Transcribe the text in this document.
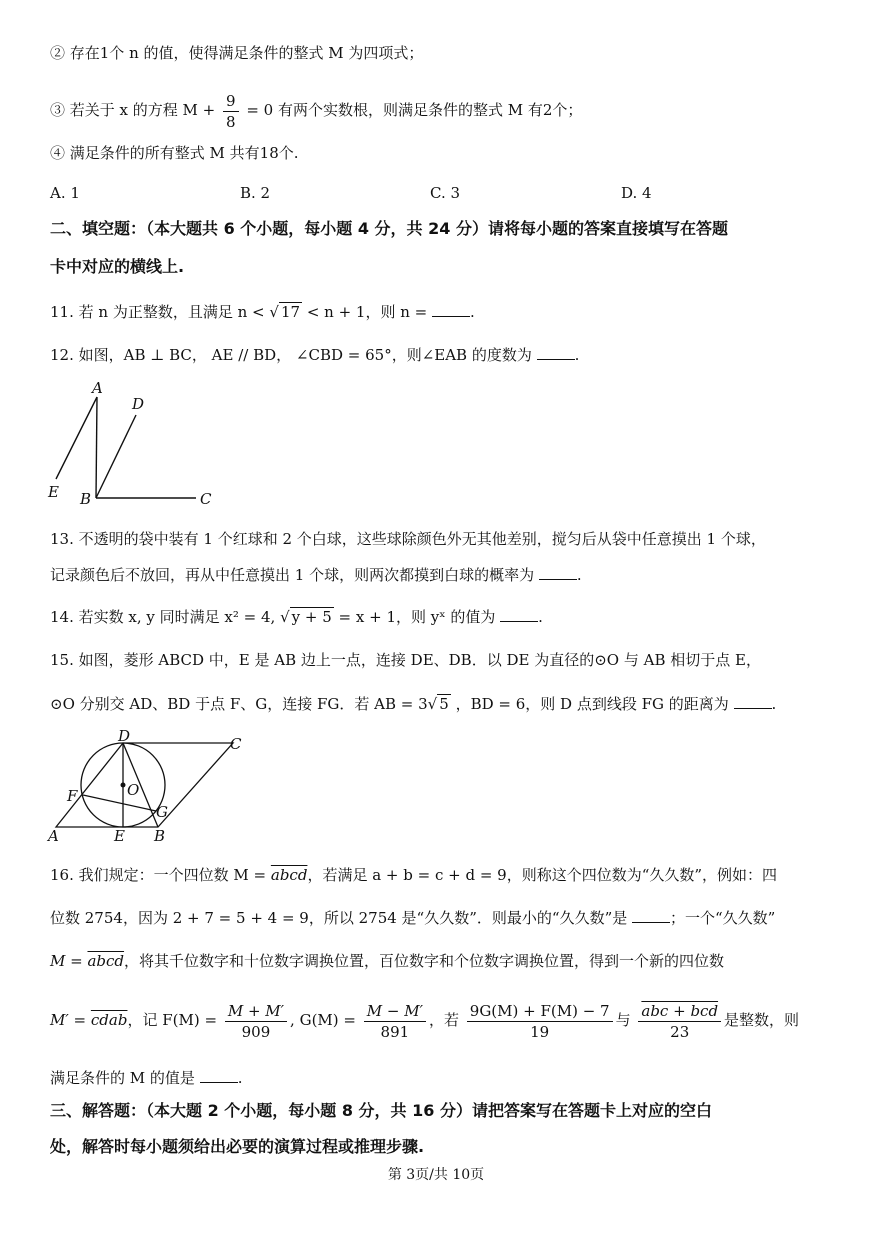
② 存在1个 n 的值，使得满足条件的整式 M 为四项式；
③ 若关于 x 的方程 $M + \frac{9}{8} = 0$ 有两个实数根，则满足条件的整式 M 有2个；
④ 满足条件的所有整式 M 共有18个.
A. 1	B. 2	C. 3	D. 4
二、填空题：（本大题共 6 个小题，每小题 4 分，共 24 分）请将每小题的答案直接填写在答题
卡中对应的横线上.
11. 若 n 为正整数，且满足 n < √ 17 < n + 1，则 n =	.
12. 如图，AB ⊥ BC， AE // BD， ∠CBD = 65°，则∠EAB 的度数为	.
A
D
E B	C
13. 不透明的袋中装有 1 个红球和 2 个白球，这些球除颜色外无其他差别，搅匀后从袋中任意摸出 1 个球，
记录颜色后不放回，再从中任意摸出 1 个球，则两次都摸到白球的概率为	.
14. 若实数 x, y 同时满足 x² = 4, √ y + 5 = x + 1，则 yˣ 的值为	.
15. 如图，菱形 ABCD 中，E 是 AB 边上一点，连接 DE、DB．以 DE 为直径的⊙O 与 AB 相切于点 E，
⊙O 分别交 AD、BD 于点 F、G，连接 FG．若 AB = 3√ 5 ，BD = 6，则 D 点到线段 FG 的距离为	.
D	C
F	O
G
A	E B
16. 我们规定：一个四位数 M = abcd，若满足 a + b = c + d = 9，则称这个四位数为“久久数”，例如：四
位数 2754，因为 2 + 7 = 5 + 4 = 9，所以 2754 是“久久数”．则最小的“久久数”是	；一个“久久数”
M = abcd，将其千位数字和十位数字调换位置，百位数字和个位数字调换位置，得到一个新的四位数
M′ = cdab，记 $F(M) = \frac{M + M'}{909}$ , $G(M) = \frac{M - M'}{891}$ ，若 $\frac{9G(M) + F(M) - 7}{19}$ 与 $\frac{\text{abc + bcd}}{23}$ 是整数，则
满足条件的 M 的值是	.
三、解答题：（本大题 2 个小题，每小题 8 分，共 16 分）请把答案写在答题卡上对应的空白
处，解答时每小题须给出必要的演算过程或推理步骤.
第 3页/共 10页
